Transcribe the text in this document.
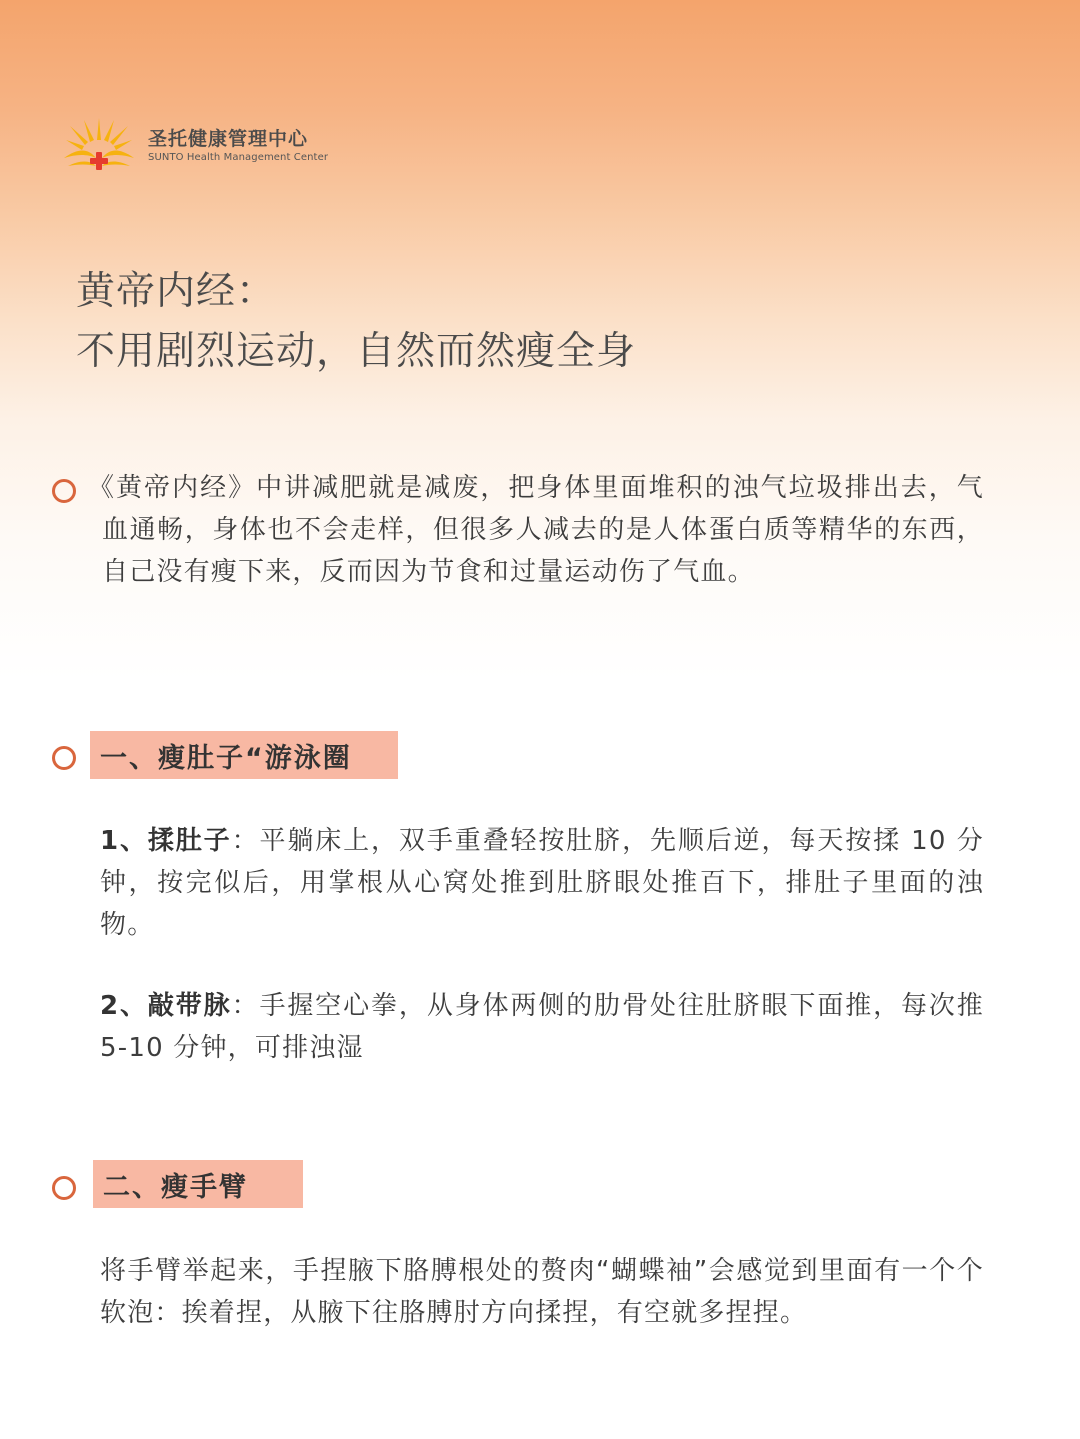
圣托健康管理中心
SUNTO Health Management Center
黄帝内经：
不用剧烈运动，自然而然瘦全身
《黄帝内经》中讲减肥就是减废，把身体里面堆积的浊气垃圾排出去，气血通畅，身体也不会走样，但很多人减去的是人体蛋白质等精华的东西，自己没有瘦下来，反而因为节食和过量运动伤了气血。
一、瘦肚子“游泳圈
1、揉肚子：平躺床上，双手重叠轻按肚脐，先顺后逆，每天按揉 10 分钟，按完似后，用掌根从心窝处推到肚脐眼处推百下，排肚子里面的浊物。
2、敲带脉：手握空心拳，从身体两侧的肋骨处往肚脐眼下面推，每次推 5-10 分钟，可排浊湿
二、瘦手臂
将手臂举起来，手捏腋下胳膊根处的赘肉“蝴蝶袖”会感觉到里面有一个个软泡：挨着捏，从腋下往胳膊肘方向揉捏，有空就多捏捏。
